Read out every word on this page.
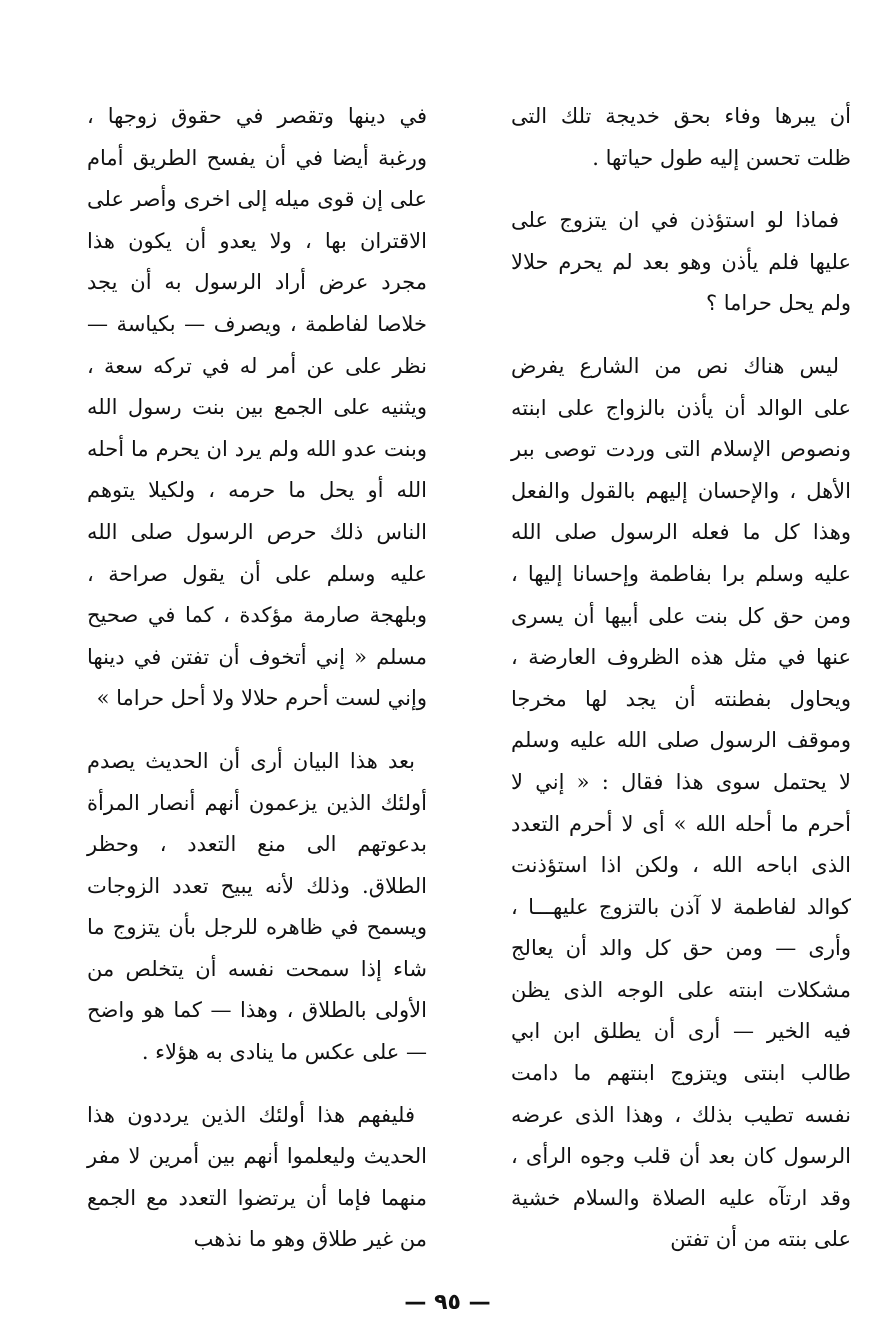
أن يبرها وفاء بحق خديجة تلك التى ظلت تحسن إليه طول حياتها .

فماذا لو استؤذن في ان يتزوج على عليها فلم يأذن وهو بعد لم يحرم حلالا ولم يحل حراما ؟

ليس هناك نص من الشارع يفرض على الوالد أن يأذن بالزواج على ابنته ونصوص الإسلام التى وردت توصى ببر الأهل ، والإحسان إليهم بالقول والفعل وهذا كل ما فعله الرسول صلى الله عليه وسلم برا بفاطمة وإحسانا إليها ، ومن حق كل بنت على أبيها أن يسرى عنها في مثل هذه الظروف العارضة ، ويحاول بفطنته أن يجد لها مخرجا وموقف الرسول صلى الله عليه وسلم لا يحتمل سوى هذا فقال : « إني لا أحرم ما أحله الله » أى لا أحرم التعدد الذى اباحه الله ، ولكن اذا استؤذنت كوالد لفاطمة لا آذن بالتزوج عليهـــا ، وأرى — ومن حق كل والد أن يعالج مشكلات ابنته على الوجه الذى يظن فيه الخير — أرى أن يطلق ابن ابي طالب ابنتى ويتزوج ابنتهم ما دامت نفسه تطيب بذلك ، وهذا الذى عرضه الرسول كان بعد أن قلب وجوه الرأى ، وقد ارتآه عليه الصلاة والسلام خشية على بنته من أن تفتن

في دينها وتقصر في حقوق زوجها ، ورغبة أيضا في أن يفسح الطريق أمام على إن قوى ميله إلى اخرى وأصر على الاقتران بها ، ولا يعدو أن يكون هذا مجرد عرض أراد الرسول به أن يجد خلاصا لفاطمة ، ويصرف — بكياسة — نظر على عن أمر له في تركه سعة ، ويثنيه على الجمع بين بنت رسول الله وبنت عدو الله ولم يرد ان يحرم ما أحله الله أو يحل ما حرمه ، ولكيلا يتوهم الناس ذلك حرص الرسول صلى الله عليه وسلم على أن يقول صراحة ، وبلهجة صارمة مؤكدة ، كما في صحيح مسلم « إني أتخوف أن تفتن في دينها وإني لست أحرم حلالا ولا أحل حراما »

بعد هذا البيان أرى أن الحديث يصدم أولئك الذين يزعمون أنهم أنصار المرأة بدعوتهم الى منع التعدد ، وحظر الطلاق. وذلك لأنه يبيح تعدد الزوجات ويسمح في ظاهره للرجل بأن يتزوج ما شاء إذا سمحت نفسه أن يتخلص من الأولى بالطلاق ، وهذا — كما هو واضح — على عكس ما ينادى به هؤلاء .

فليفهم هذا أولئك الذين يرددون هذا الحديث وليعلموا أنهم بين أمرين لا مفر منهما فإما أن يرتضوا التعدد مع الجمع من غير طلاق وهو ما نذهب

— ٩٥ —
